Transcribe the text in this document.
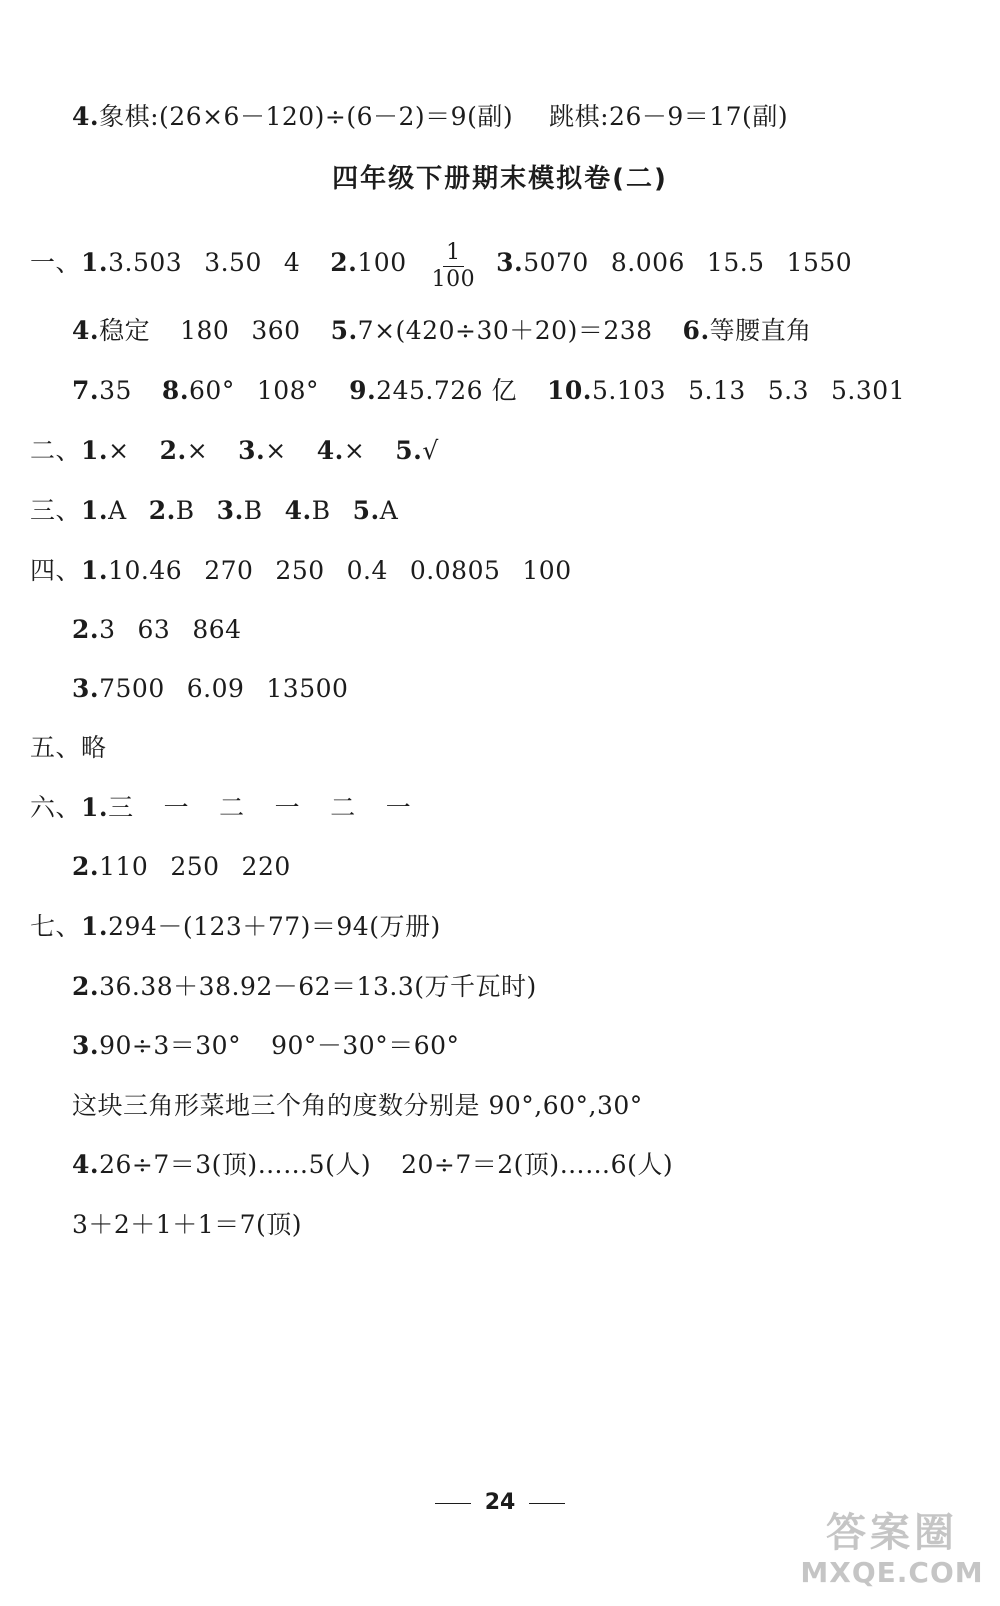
4.象棋:(26×6－120)÷(6－2)＝9(副) 跳棋:26－9＝17(副)
四年级下册期末模拟卷(二)
一、1.3.503 3.50 4 $2.100 \frac{1}{100} 3.5070$ 8.006 15.5 1550
4.稳定 180 360 5.7×(420÷30＋20)＝238 6.等腰直角
7.35 8.60° 108° 9.245.726 亿 10.5.103 5.13 5.3 5.301
二、1.× 2.× 3.× 4.× 5.√
三、1.A 2.B 3.B 4.B 5.A
四、1.10.46 270 250 0.4 0.0805 100
2.3 63 864
3.7500 6.09 13500
五、略
六、1.三 一 二 一 二 一
2.110 250 220
七、1.294－(123＋77)＝94(万册)
2.36.38＋38.92－62＝13.3(万千瓦时)
3.90÷3＝30° 90°－30°＝60°
这块三角形菜地三个角的度数分别是 90°,60°,30°
4.26÷7＝3(顶)……5(人) 20÷7＝2(顶)……6(人)
3＋2＋1＋1＝7(顶)
24
答案圈
MXQE.COM
